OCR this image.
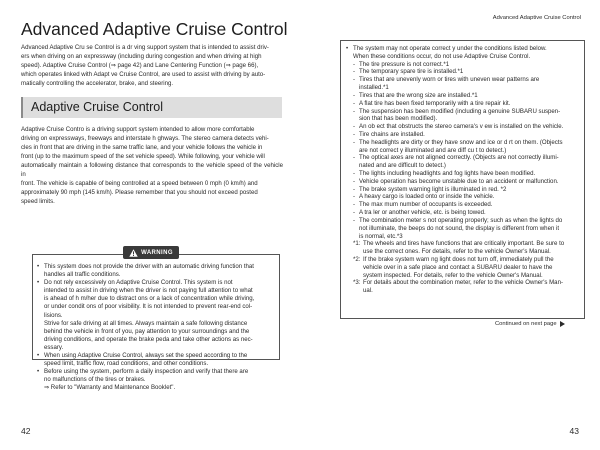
Advanced Adaptive Cruise Control

Advanced Adaptive Cru se Control is a dr ving support system that is intended to assist driv-
ers when driving on an expressway (including during congestion and when driving at high
speed). Adaptive Cruise Control (⇒ page 42) and Lane Centering Function (⇒ page 66),
which operates linked with Adapt ve Cruise Control, are used to assist with driving by auto-
matically controlling the accelerator, brake, and steering.

Adaptive Cruise Control

Adaptive Cruise Contro is a driving support system intended to allow more comfortable
driving on expressways, freeways and interstate h ghways. The stereo camera detects vehi-
cles in front that are driving in the same traffic lane, and your vehicle follows the vehicle in
front (up to the maximum speed of the set vehicle speed). While following, your vehicle will
automatically maintain a following distance that corresponds to the vehicle speed of the vehicle in
front. The vehicle is capable of being controlled at a speed between 0 mph (0 km/h) and
approximately 90 mph (145 km/h). Please remember that you should not exceed posted
speed limits.

WARNING
• This system does not provide the driver with an automatic driving function that
handles all traffic conditions.
• Do not rely excessively on Adaptive Cruise Control. This system is not
intended to assist in driving when the driver is not paying full attention to what
is ahead of h m/her due to distract ons or a lack of concentration while driving,
or under condit ons of poor visibility. It is not intended to prevent rear-end col-
lisions.
Strive for safe driving at all times. Always maintain a safe following distance
behind the vehicle in front of you, pay attention to your surroundings and the
driving conditions, and operate the brake peda and take other actions as nec-
essary.
• When using Adaptive Cruise Control, always set the speed according to the
speed limit, traffic flow, road conditions, and other conditions.
• Before using the system, perform a daily inspection and verify that there are
no malfunctions of the tires or brakes.
⇒ Refer to "Warranty and Maintenance Booklet".
42
Advanced Adaptive Cruise Control
43
• The system may not operate correct y under the conditions listed below.
When these conditions occur, do not use Adaptive Cruise Control.
- The tire pressure is not correct.*1
- The temporary spare tire is installed.*1
- Tires that are unevenly worn or tires with uneven wear patterns are
installed.*1
- Tires that are the wrong size are installed.*1
- A flat tire has been fixed temporarily with a tire repair kit.
- The suspension has been modified (including a genuine SUBARU suspen-
sion that has been modified).
- An ob ect that obstructs the stereo camera's v ew is installed on the vehicle.
- Tire chains are installed.
- The headlights are dirty or they have snow and ice or d rt on them. (Objects
are not correct y illuminated and are diff cu t to detect.)
- The optical axes are not aligned correctly. (Objects are not correctly illumi-
nated and are difficult to detect.)
- The lights including headlights and fog lights have been modified.
- Vehicle operation has become unstable due to an accident or malfunction.
- The brake system warning light is illuminated in red. *2
- A heavy cargo is loaded onto or inside the vehicle.
- The max mum number of occupants is exceeded.
- A tra ler or another vehicle, etc. is being towed.
- The combination meter s not operating properly; such as when the lights do
not illuminate, the beeps do not sound, the display is different from when it
is normal, etc.*3
*1: The wheels and tires have functions that are critically important. Be sure to
use the correct ones. For details, refer to the vehicle Owner's Manual.
*2: If the brake system warn ng light does not turn off, immediately pull the
vehicle over in a safe place and contact a SUBARU dealer to have the
system inspected. For details, refer to the vehicle Owner's Manual.
*3: For details about the combination meter, refer to the vehicle Owner's Man-
ual.
Continued on next page
